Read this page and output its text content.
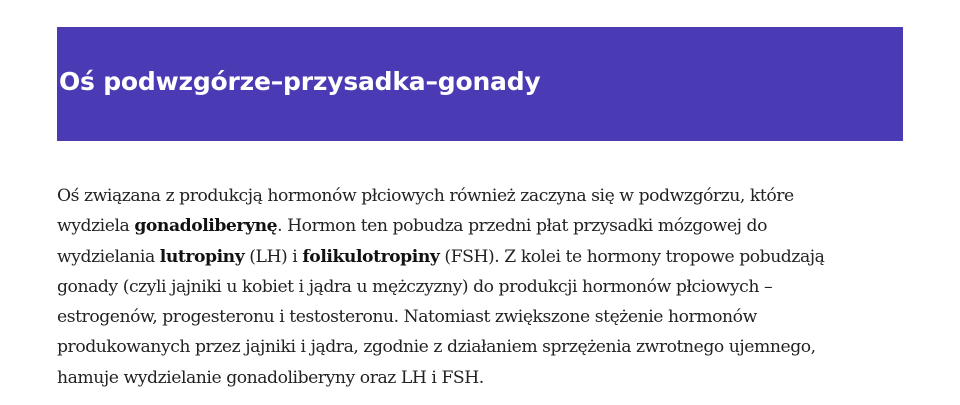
Oś podwzgórze–przysadka–gonady

Oś związana z produkcją hormonów płciowych również zaczyna się w podwzgórzu, które
wydziela gonadoliberynę. Hormon ten pobudza przedni płat przysadki mózgowej do
wydzielania lutropiny (LH) i folikulotropiny (FSH). Z kolei te hormony tropowe pobudzają
gonady (czyli jajniki u kobiet i jądra u mężczyzny) do produkcji hormonów płciowych –
estrogenów, progesteronu i testosteronu. Natomiast zwiększone stężenie hormonów
produkowanych przez jajniki i jądra, zgodnie z działaniem sprzężenia zwrotnego ujemnego,
hamuje wydzielanie gonadoliberyny oraz LH i FSH.
